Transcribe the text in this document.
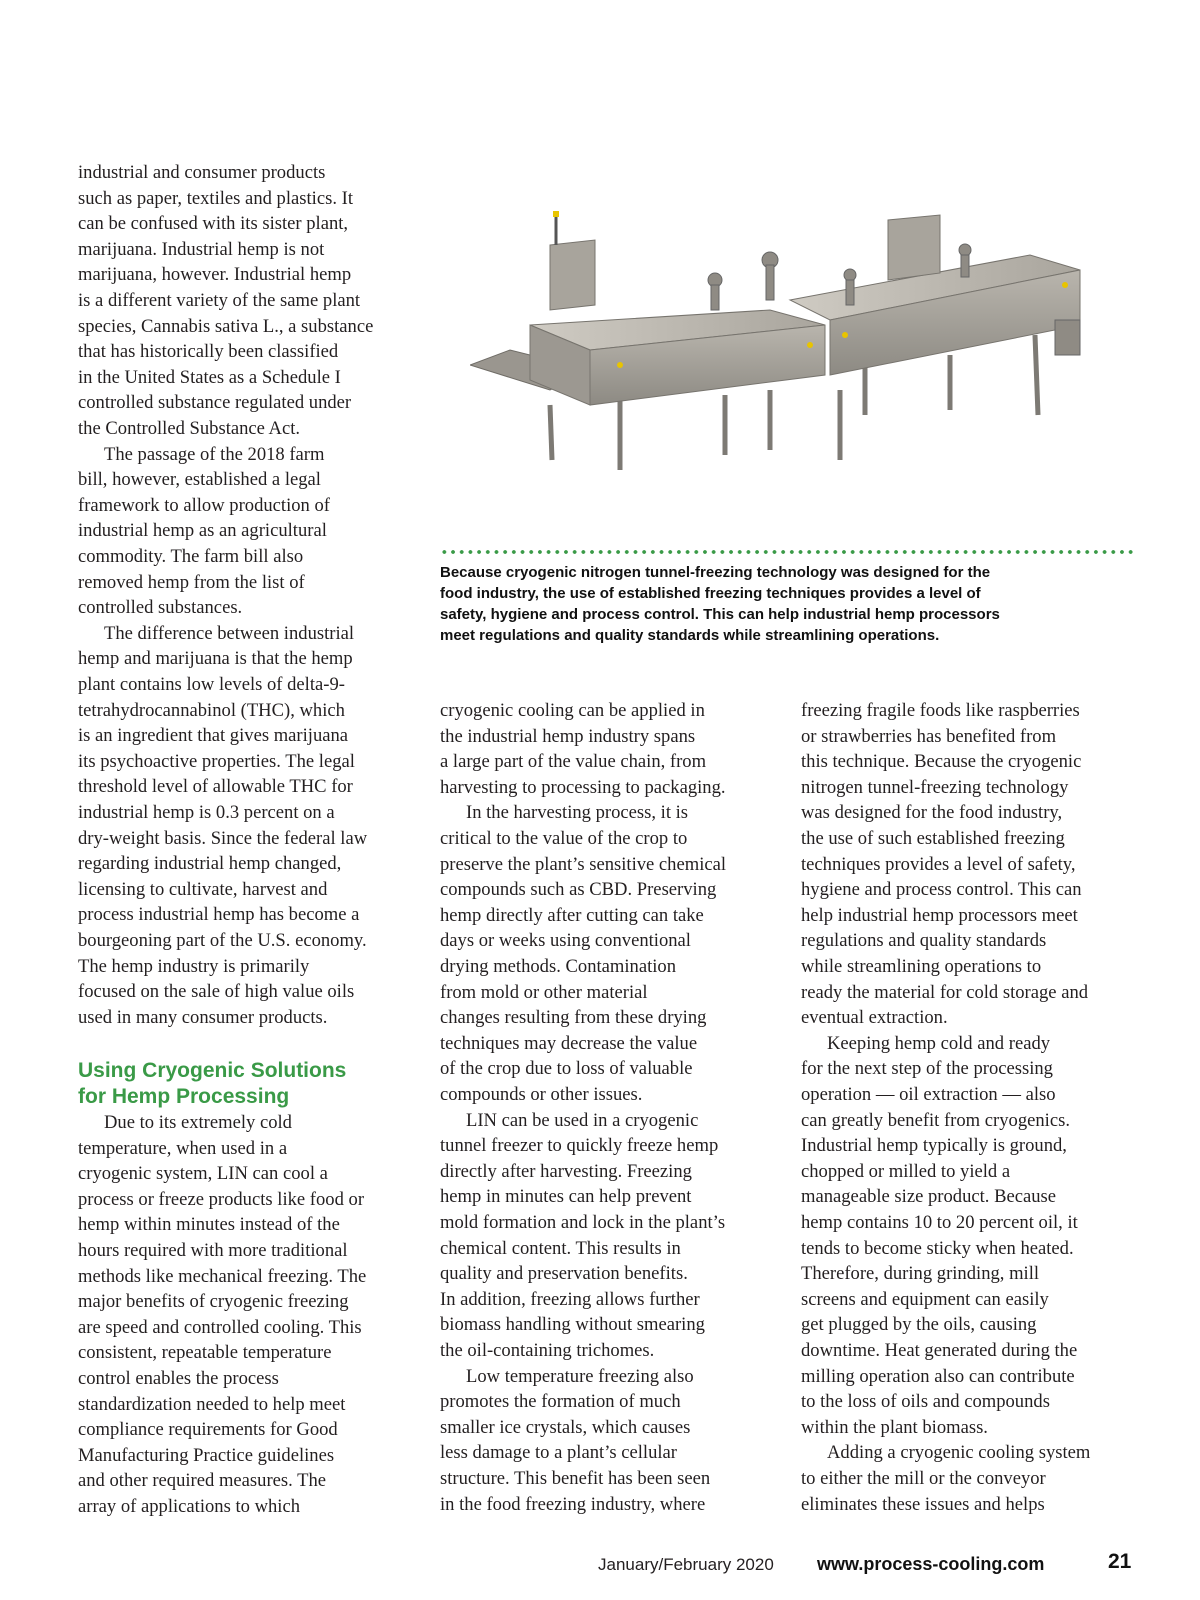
industrial and consumer products
such as paper, textiles and plastics. It
can be confused with its sister plant,
marijuana. Industrial hemp is not
marijuana, however. Industrial hemp
is a different variety of the same plant
species, Cannabis sativa L., a substance
that has historically been classified
in the United States as a Schedule I
controlled substance regulated under
the Controlled Substance Act.
The passage of the 2018 farm
bill, however, established a legal
framework to allow production of
industrial hemp as an agricultural
commodity. The farm bill also
removed hemp from the list of
controlled substances.
The difference between industrial
hemp and marijuana is that the hemp
plant contains low levels of delta-9-
tetrahydrocannabinol (THC), which
is an ingredient that gives marijuana
its psychoactive properties. The legal
threshold level of allowable THC for
industrial hemp is 0.3 percent on a
dry-weight basis. Since the federal law
regarding industrial hemp changed,
licensing to cultivate, harvest and
process industrial hemp has become a
bourgeoning part of the U.S. economy.
The hemp industry is primarily
focused on the sale of high value oils
used in many consumer products.
Using Cryogenic Solutions
for Hemp Processing
Due to its extremely cold
temperature, when used in a
cryogenic system, LIN can cool a
process or freeze products like food or
hemp within minutes instead of the
hours required with more traditional
methods like mechanical freezing. The
major benefits of cryogenic freezing
are speed and controlled cooling. This
consistent, repeatable temperature
control enables the process
standardization needed to help meet
compliance requirements for Good
Manufacturing Practice guidelines
and other required measures. The
array of applications to which
Because cryogenic nitrogen tunnel-freezing technology was designed for the
food industry, the use of established freezing techniques provides a level of
safety, hygiene and process control. This can help industrial hemp processors
meet regulations and quality standards while streamlining operations.
cryogenic cooling can be applied in
the industrial hemp industry spans
a large part of the value chain, from
harvesting to processing to packaging.
In the harvesting process, it is
critical to the value of the crop to
preserve the plant’s sensitive chemical
compounds such as CBD. Preserving
hemp directly after cutting can take
days or weeks using conventional
drying methods. Contamination
from mold or other material
changes resulting from these drying
techniques may decrease the value
of the crop due to loss of valuable
compounds or other issues.
LIN can be used in a cryogenic
tunnel freezer to quickly freeze hemp
directly after harvesting. Freezing
hemp in minutes can help prevent
mold formation and lock in the plant’s
chemical content. This results in
quality and preservation benefits.
In addition, freezing allows further
biomass handling without smearing
the oil-containing trichomes.
Low temperature freezing also
promotes the formation of much
smaller ice crystals, which causes
less damage to a plant’s cellular
structure. This benefit has been seen
in the food freezing industry, where
freezing fragile foods like raspberries
or strawberries has benefited from
this technique. Because the cryogenic
nitrogen tunnel-freezing technology
was designed for the food industry,
the use of such established freezing
techniques provides a level of safety,
hygiene and process control. This can
help industrial hemp processors meet
regulations and quality standards
while streamlining operations to
ready the material for cold storage and
eventual extraction.
Keeping hemp cold and ready
for the next step of the processing
operation — oil extraction — also
can greatly benefit from cryogenics.
Industrial hemp typically is ground,
chopped or milled to yield a
manageable size product. Because
hemp contains 10 to 20 percent oil, it
tends to become sticky when heated.
Therefore, during grinding, mill
screens and equipment can easily
get plugged by the oils, causing
downtime. Heat generated during the
milling operation also can contribute
to the loss of oils and compounds
within the plant biomass.
Adding a cryogenic cooling system
to either the mill or the conveyor
eliminates these issues and helps
January/February 2020 www.process-cooling.com	21
